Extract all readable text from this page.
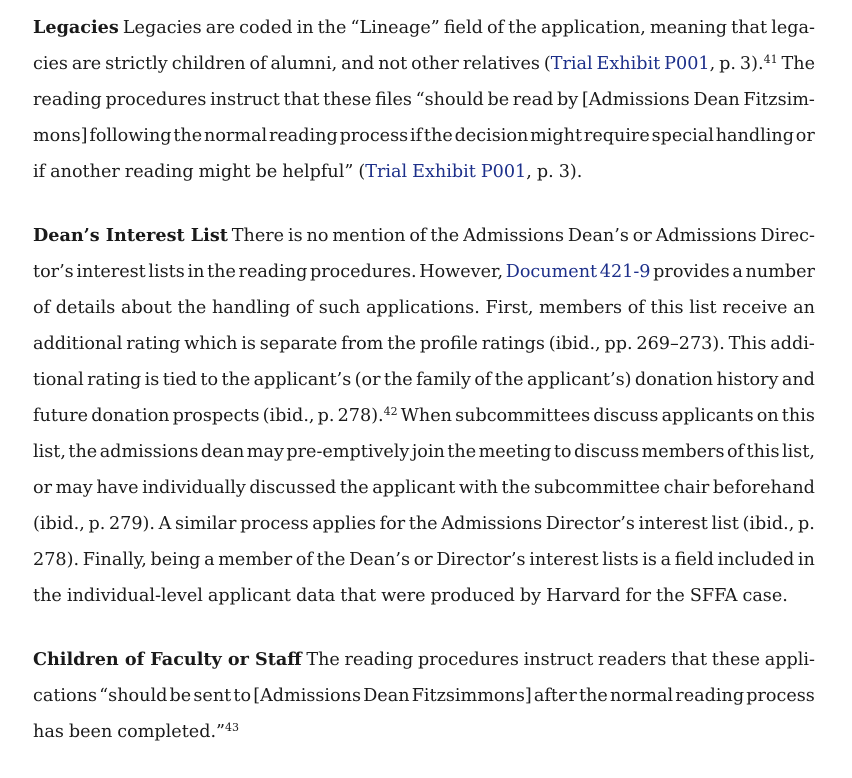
Legacies Legacies are coded in the “Lineage” field of the application, meaning that lega-
cies are strictly children of alumni, and not other relatives (Trial Exhibit P001, p. 3).$^{41}$ The
reading procedures instruct that these files “should be read by [Admissions Dean Fitzsim-
mons] following the normal reading process if the decision might require special handling or
if another reading might be helpful” (Trial Exhibit P001, p. 3).
Dean’s Interest List There is no mention of the Admissions Dean’s or Admissions Direc-
tor’s interest lists in the reading procedures. However, Document 421-9 provides a number
of details about the handling of such applications. First, members of this list receive an
additional rating which is separate from the profile ratings (ibid., pp. 269–273). This addi-
tional rating is tied to the applicant’s (or the family of the applicant’s) donation history and
future donation prospects (ibid., p. 278).$^{42}$ When subcommittees discuss applicants on this
list, the admissions dean may pre-emptively join the meeting to discuss members of this list,
or may have individually discussed the applicant with the subcommittee chair beforehand
(ibid., p. 279). A similar process applies for the Admissions Director’s interest list (ibid., p.
278). Finally, being a member of the Dean’s or Director’s interest lists is a field included in
the individual-level applicant data that were produced by Harvard for the SFFA case.
Children of Faculty or Staff The reading procedures instruct readers that these appli-
cations “should be sent to [Admissions Dean Fitzsimmons] after the normal reading process
has been completed.”$^{43}$
